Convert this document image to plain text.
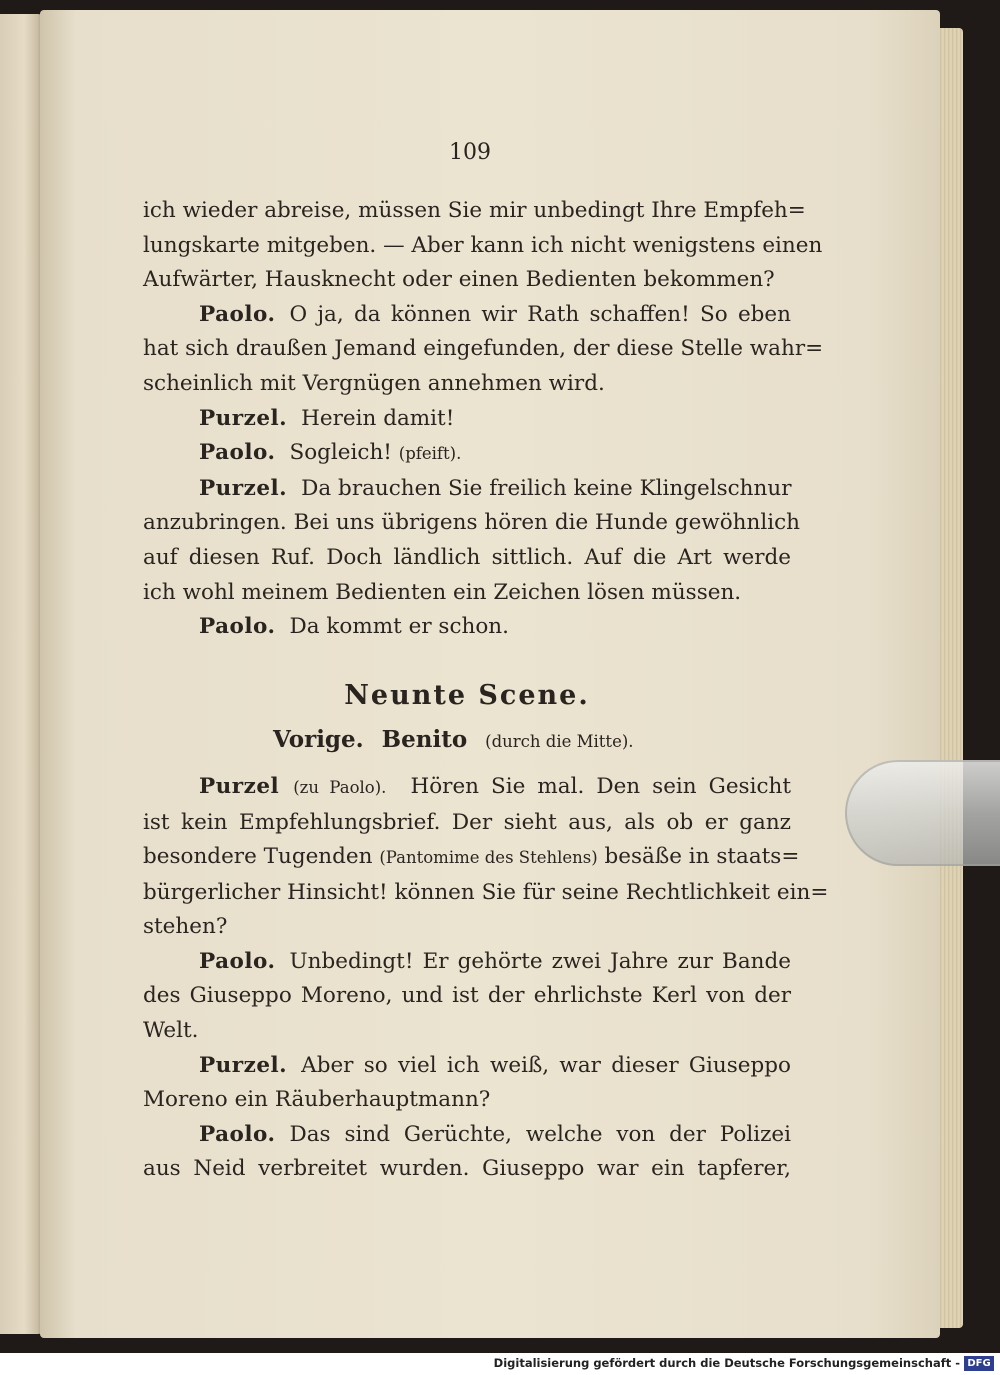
109
ich wieder abreise, müssen Sie mir unbedingt Ihre Empfeh=
lungskarte mitgeben. — Aber kann ich nicht wenigstens einen
Aufwärter, Hausknecht oder einen Bedienten bekommen?
Paolo. O ja, da können wir Rath schaffen! So eben
hat sich draußen Jemand eingefunden, der diese Stelle wahr=
scheinlich mit Vergnügen annehmen wird.
Purzel. Herein damit!
Paolo. Sogleich! (pfeift).
Purzel. Da brauchen Sie freilich keine Klingelschnur
anzubringen. Bei uns übrigens hören die Hunde gewöhnlich
auf diesen Ruf. Doch ländlich sittlich. Auf die Art werde
ich wohl meinem Bedienten ein Zeichen lösen müssen.
Paolo. Da kommt er schon.
Neunte Scene.
Vorige. Benito (durch die Mitte).
Purzel (zu Paolo). Hören Sie mal. Den sein Gesicht
ist kein Empfehlungsbrief. Der sieht aus, als ob er ganz
besondere Tugenden (Pantomime des Stehlens) besäße in staats=
bürgerlicher Hinsicht! können Sie für seine Rechtlichkeit ein=
stehen?
Paolo. Unbedingt! Er gehörte zwei Jahre zur Bande
des Giuseppo Moreno, und ist der ehrlichste Kerl von der
Welt.
Purzel. Aber so viel ich weiß, war dieser Giuseppo
Moreno ein Räuberhauptmann?
Paolo. Das sind Gerüchte, welche von der Polizei
aus Neid verbreitet wurden. Giuseppo war ein tapferer,
Digitalisierung gefördert durch die Deutsche Forschungsgemeinschaft - DFG
